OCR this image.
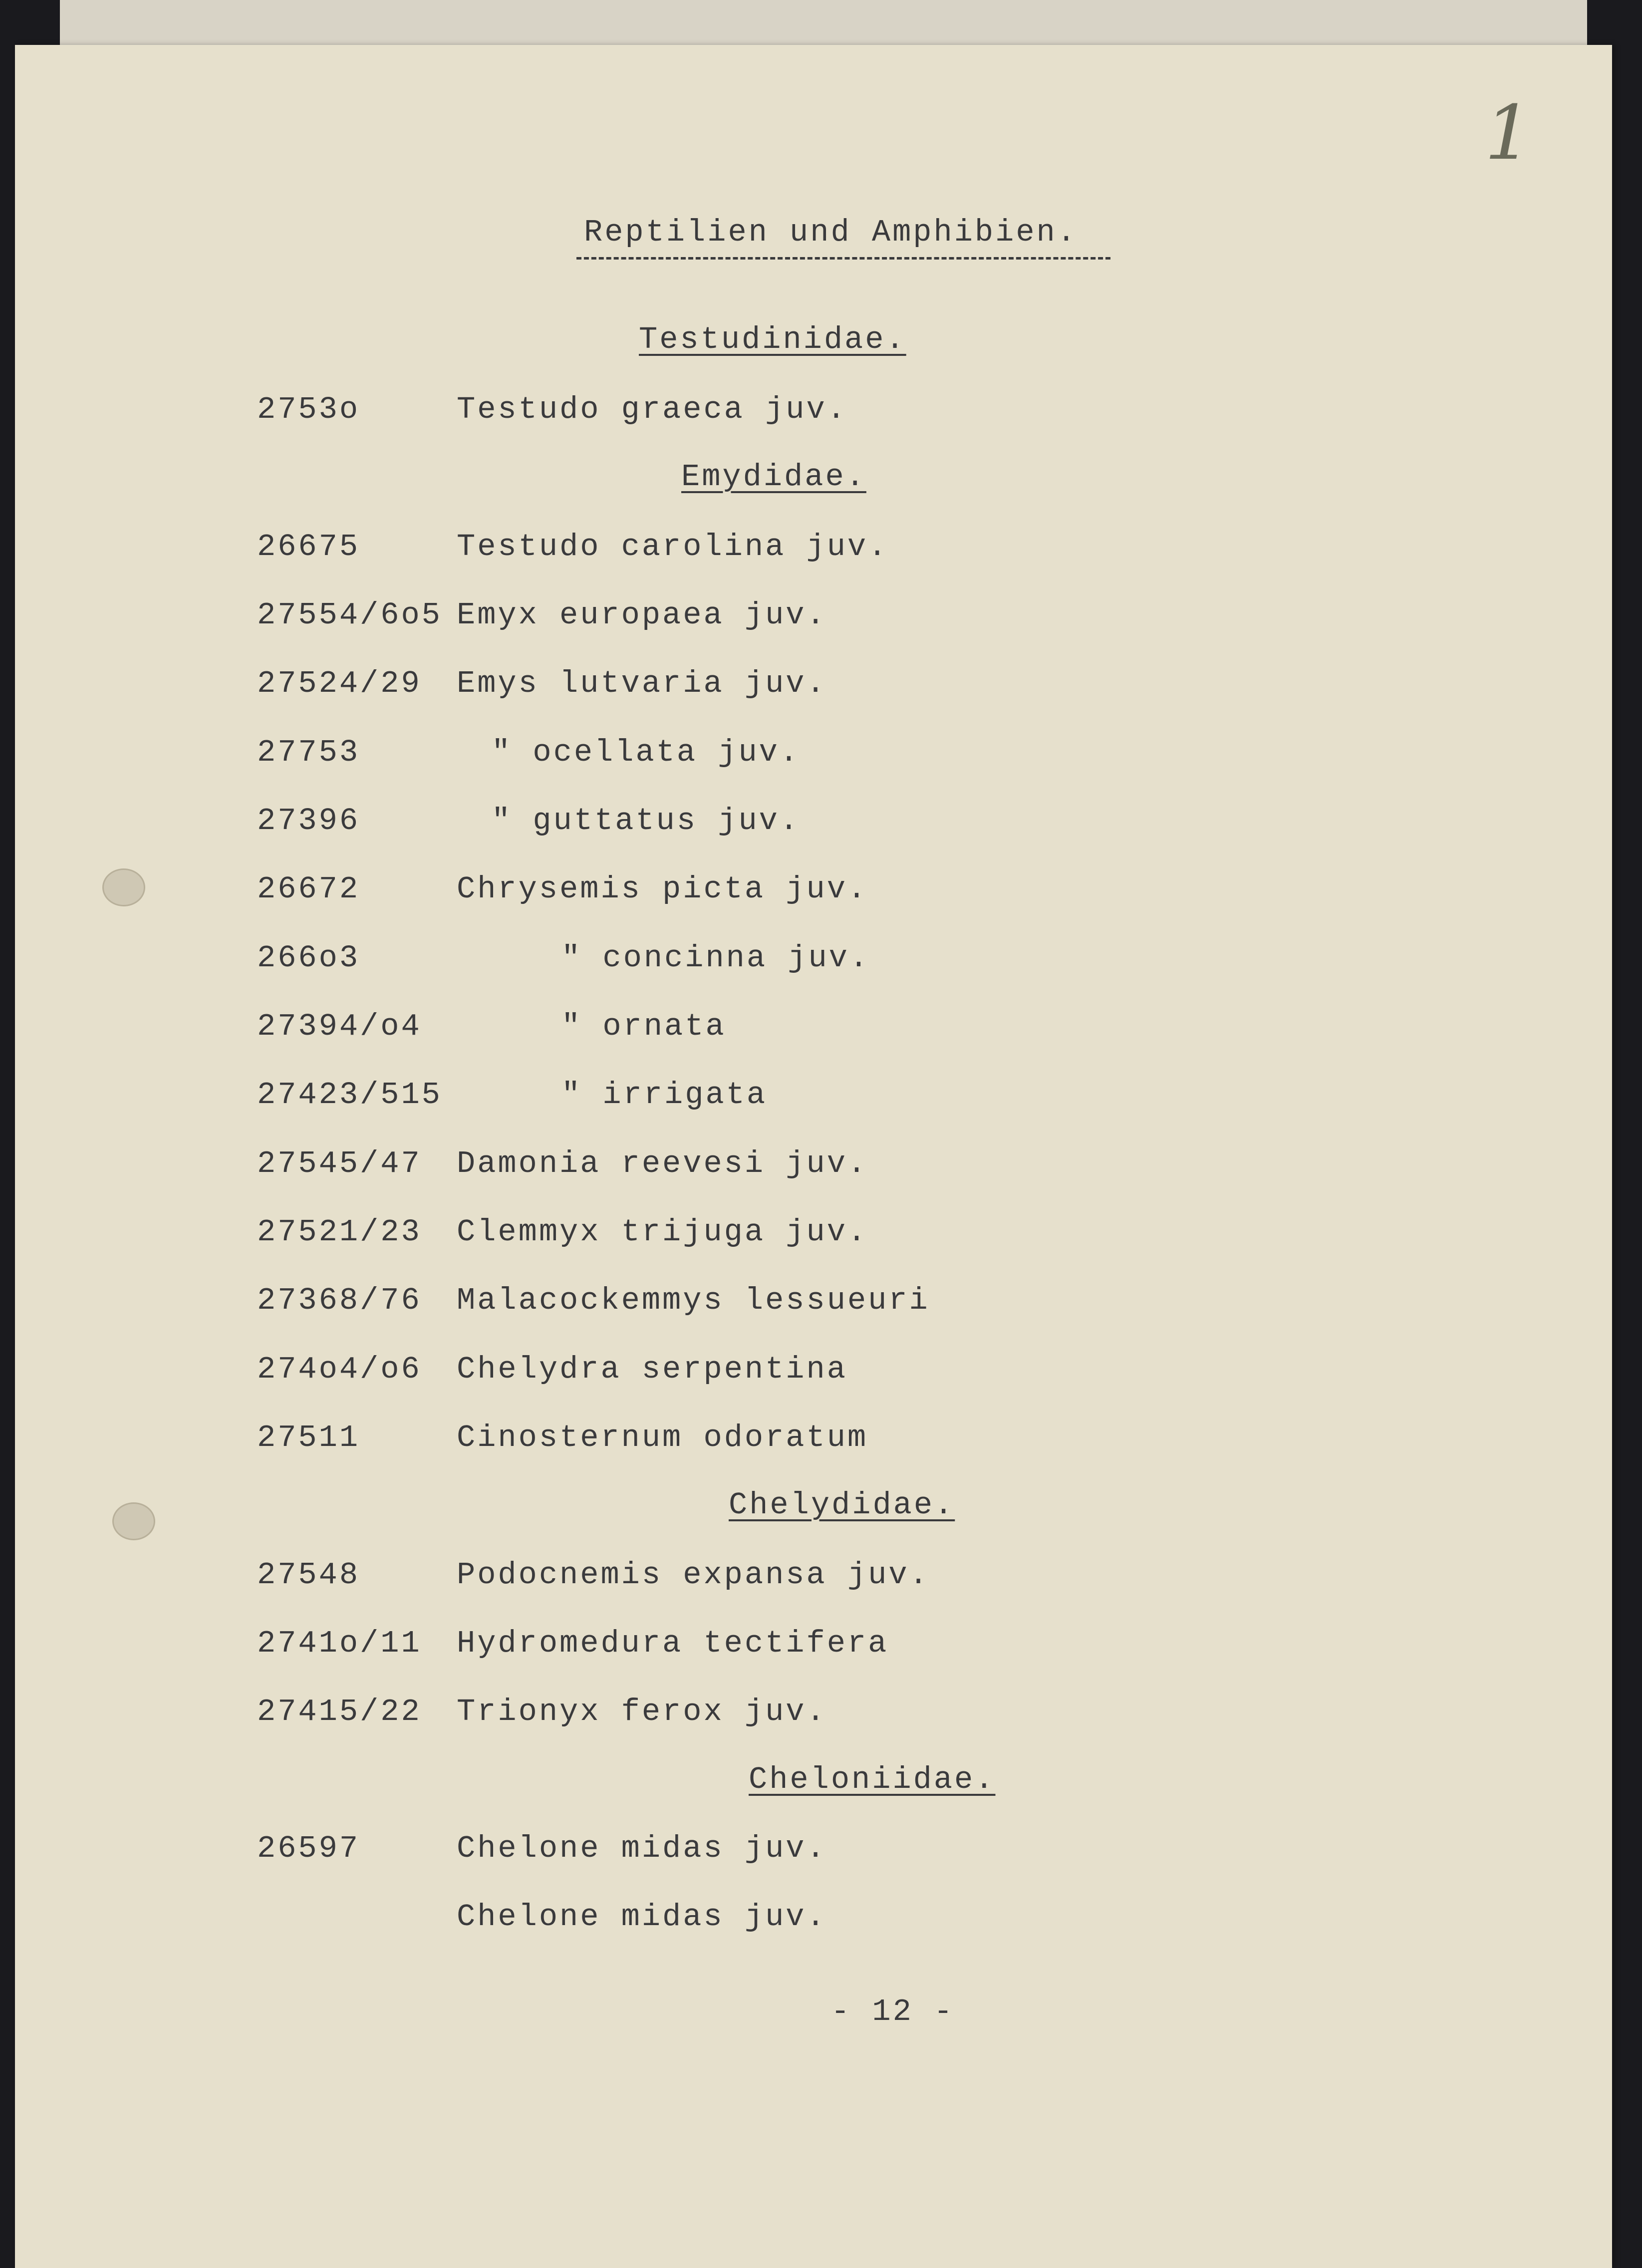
1
Reptilien und Amphibien.
Testudinidae.
2753o	Testudo graeca juv.
Emydidae.
26675	Testudo carolina juv.
27554/6o5 Emyx europaea juv.
27524/29 Emys lutvaria juv.
27753	" ocellata juv.
27396	" guttatus juv.
26672	Chrysemis picta juv.
266o3	" concinna juv.
27394/o4	" ornata
27423/515	" irrigata
27545/47 Damonia reevesi juv.
27521/23 Clemmyx trijuga juv.
27368/76 Malacockemmys lessueuri
274o4/o6 Chelydra serpentina
27511	Cinosternum odoratum
Chelydidae.
27548	Podocnemis expansa juv.
2741o/11 Hydromedura tectifera
27415/22 Trionyx ferox juv.
Cheloniidae.
26597	Chelone midas juv.
Chelone midas juv.
- 12 -
